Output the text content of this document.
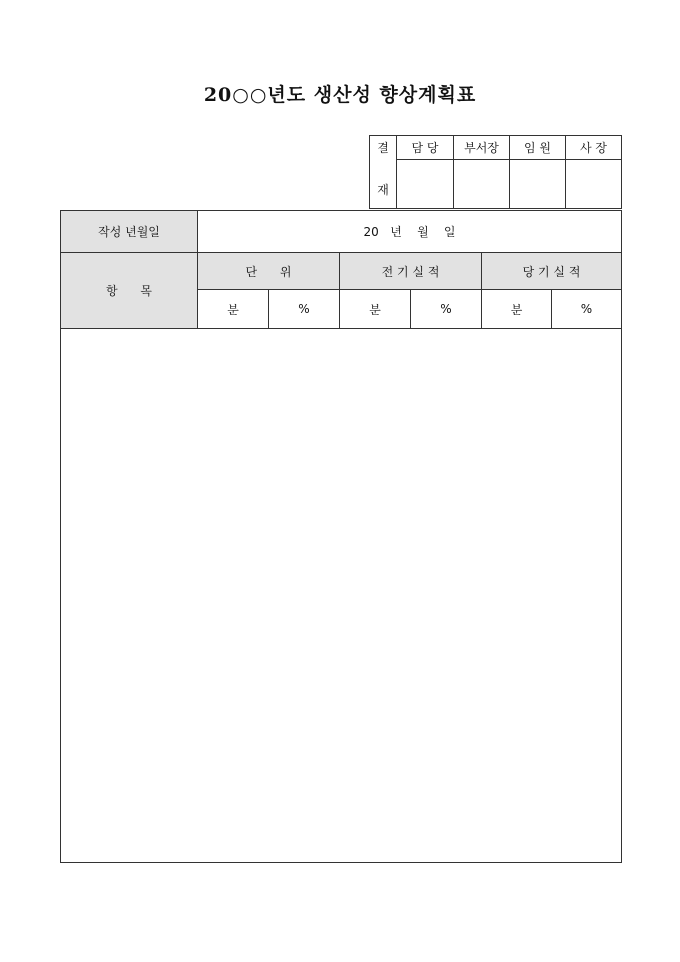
20○○년도 생산성 향상계획표
결	담 당	부서장	임 원	사 장
재				
작성 년월일	20   년    월    일					
항      목	단      위		전 기 실 적		당 기 실 적	
	분	%	분	%	분	%
